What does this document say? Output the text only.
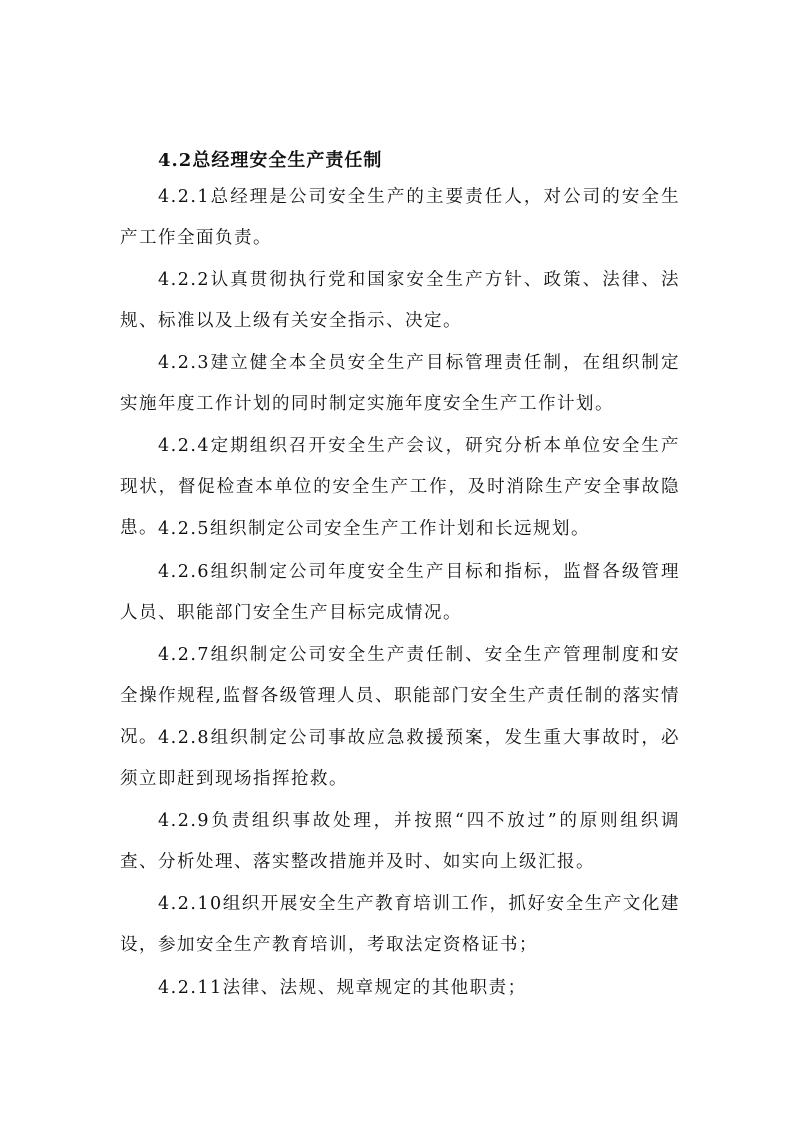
4.2总经理安全生产责任制
4.2.1总经理是公司安全生产的主要责任人，对公司的安全生产工作全面负责。
4.2.2认真贯彻执行党和国家安全生产方针、政策、法律、法规、标准以及上级有关安全指示、决定。
4.2.3建立健全本全员安全生产目标管理责任制，在组织制定实施年度工作计划的同时制定实施年度安全生产工作计划。
4.2.4定期组织召开安全生产会议，研究分析本单位安全生产现状，督促检查本单位的安全生产工作，及时消除生产安全事故隐患。 4.2.5组织制定公司安全生产工作计划和长远规划。
4.2.6组织制定公司年度安全生产目标和指标，监督各级管理人员、职能部门安全生产目标完成情况。
4.2.7组织制定公司安全生产责任制、安全生产管理制度和安全操作规程,监督各级管理人员、职能部门安全生产责任制的落实情况。 4.2.8组织制定公司事故应急救援预案，发生重大事故时，必须立即赶到现场指挥抢救。
4.2.9负责组织事故处理，并按照“四不放过”的原则组织调查、分析处理、落实整改措施并及时、如实向上级汇报。
4.2.10组织开展安全生产教育培训工作，抓好安全生产文化建设，参加安全生产教育培训，考取法定资格证书；
4.2.11法律、法规、规章规定的其他职责；
